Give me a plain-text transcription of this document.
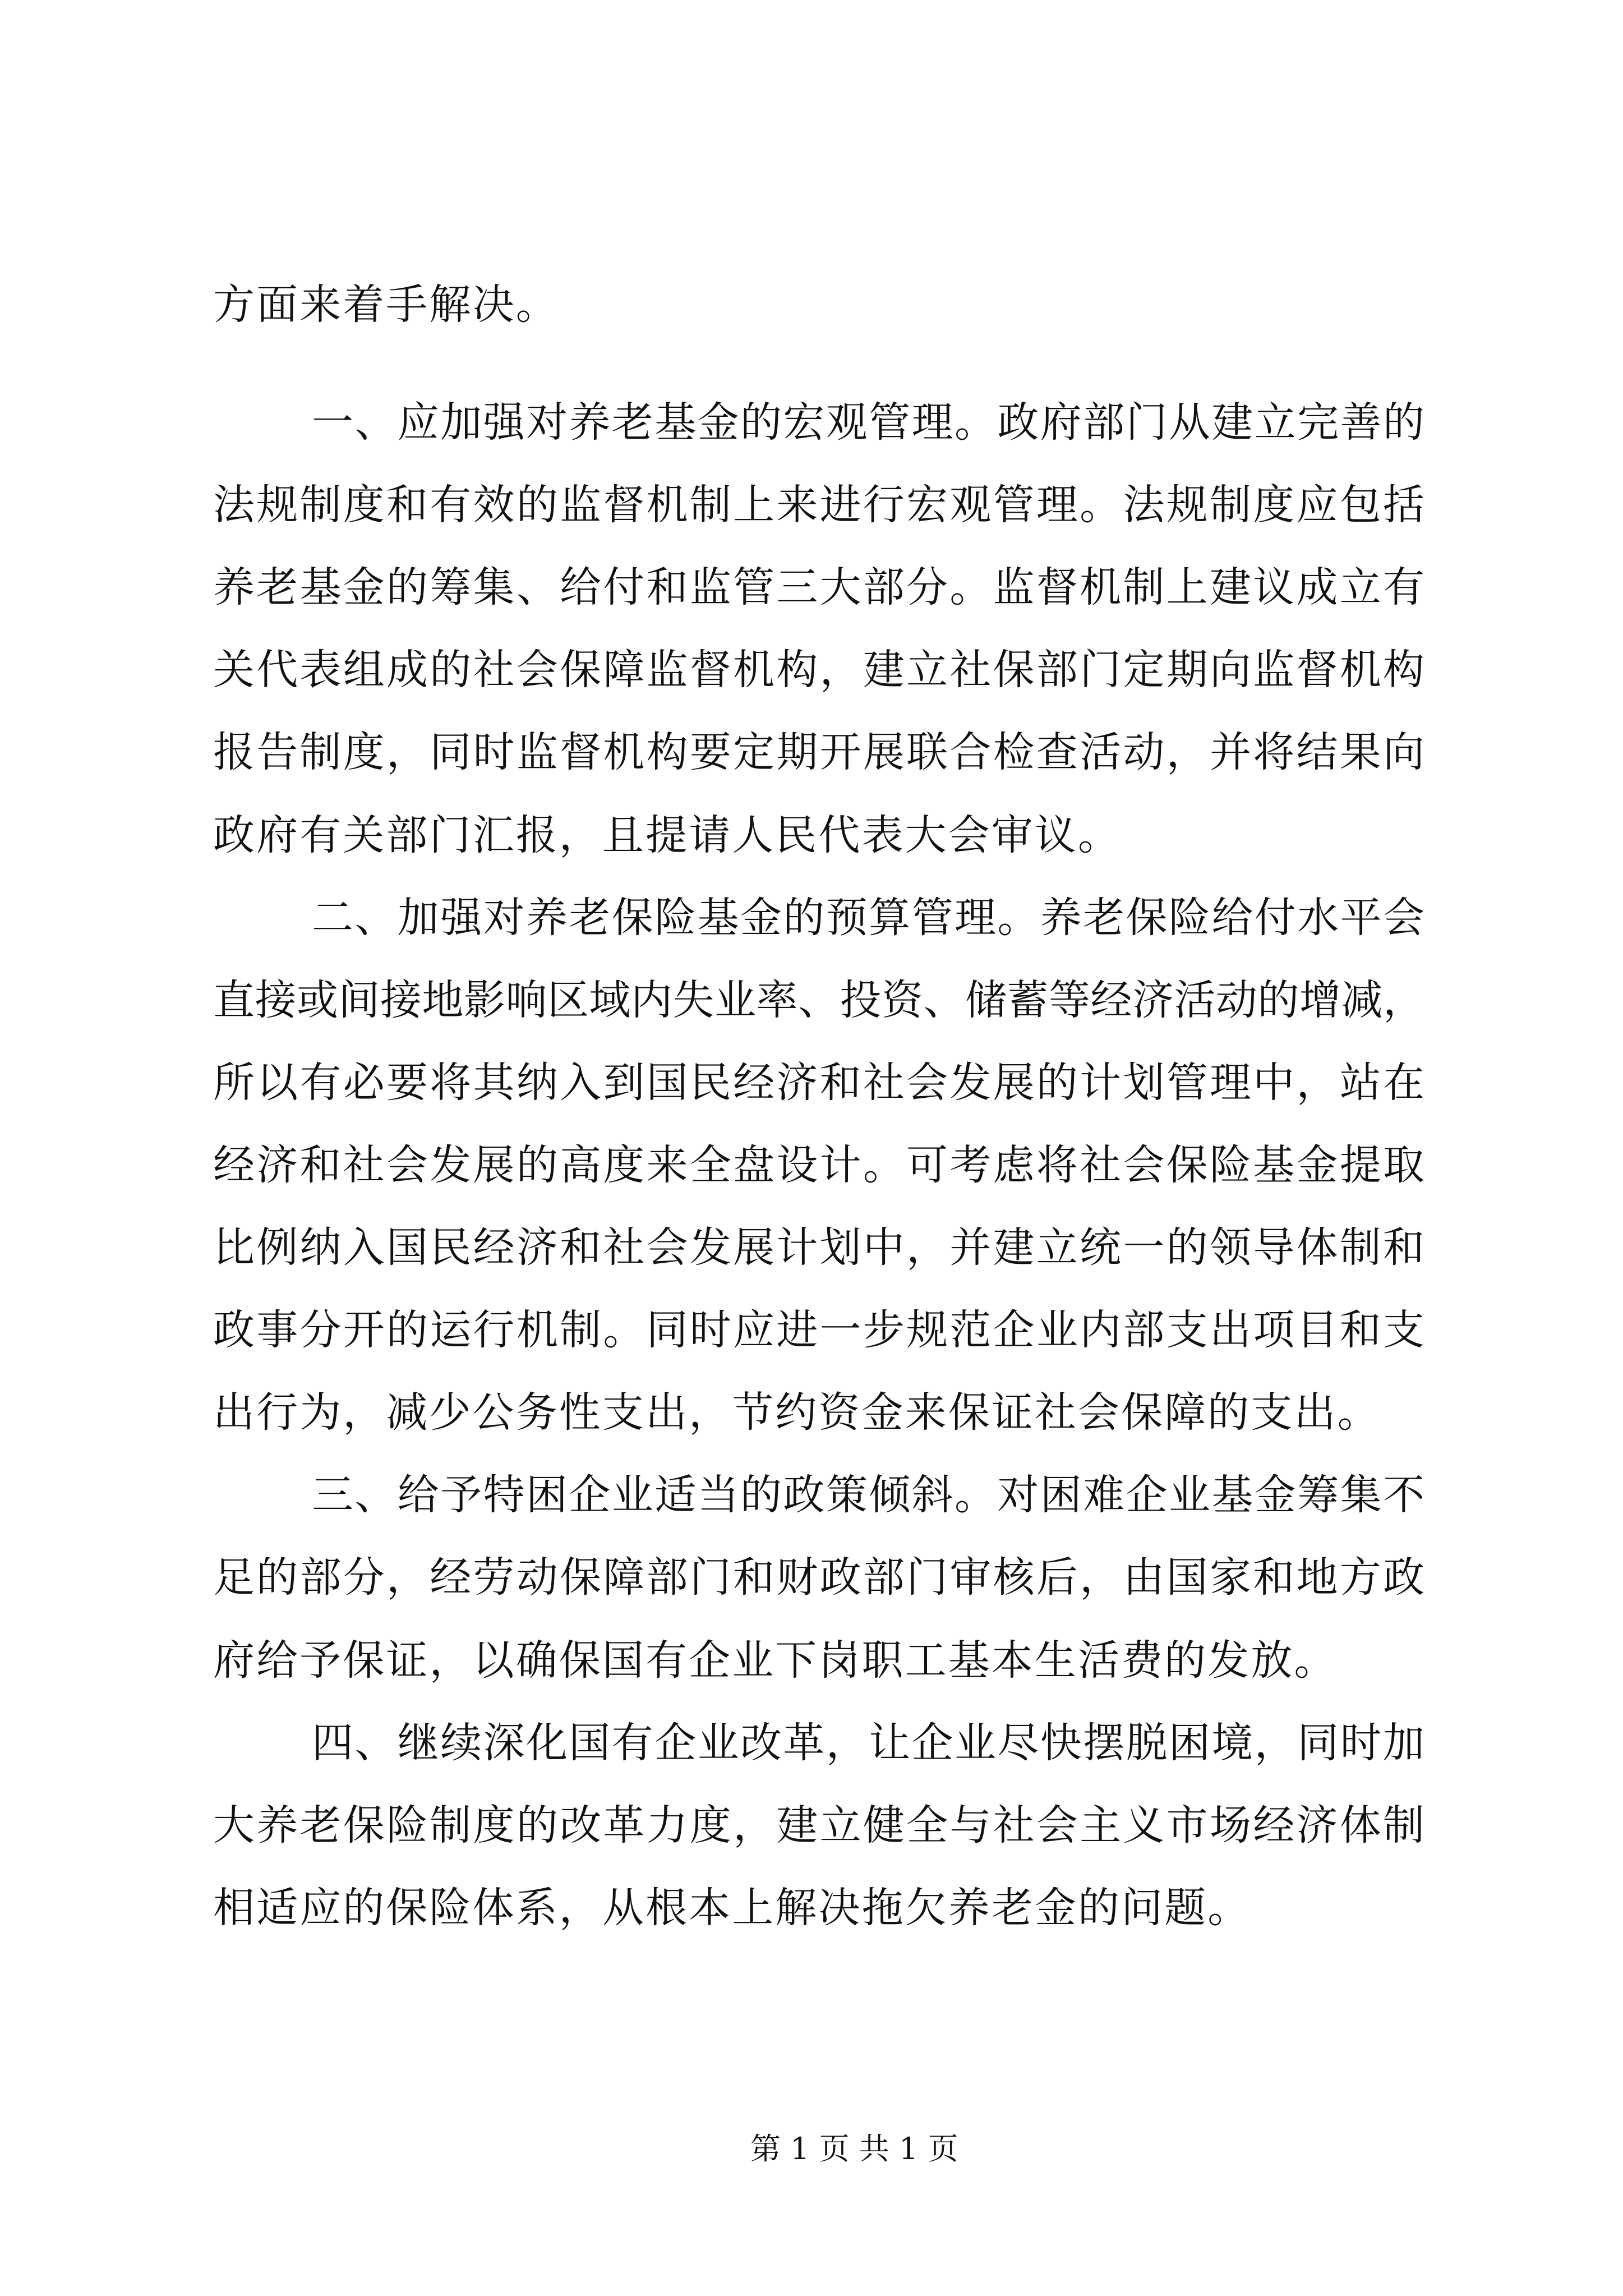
方面来着手解决。
一、应加强对养老基金的宏观管理。政府部门从建立完善的
法规制度和有效的监督机制上来进行宏观管理。法规制度应包括
养老基金的筹集、给付和监管三大部分。监督机制上建议成立有
关代表组成的社会保障监督机构，建立社保部门定期向监督机构
报告制度，同时监督机构要定期开展联合检查活动，并将结果向
政府有关部门汇报，且提请人民代表大会审议。
二、加强对养老保险基金的预算管理。养老保险给付水平会
直接或间接地影响区域内失业率、投资、储蓄等经济活动的增减，
所以有必要将其纳入到国民经济和社会发展的计划管理中，站在
经济和社会发展的高度来全盘设计。可考虑将社会保险基金提取
比例纳入国民经济和社会发展计划中，并建立统一的领导体制和
政事分开的运行机制。同时应进一步规范企业内部支出项目和支
出行为，减少公务性支出，节约资金来保证社会保障的支出。
三、给予特困企业适当的政策倾斜。对困难企业基金筹集不
足的部分，经劳动保障部门和财政部门审核后，由国家和地方政
府给予保证，以确保国有企业下岗职工基本生活费的发放。
四、继续深化国有企业改革，让企业尽快摆脱困境，同时加
大养老保险制度的改革力度，建立健全与社会主义市场经济体制
相适应的保险体系，从根本上解决拖欠养老金的问题。
第 1 页 共 1 页
